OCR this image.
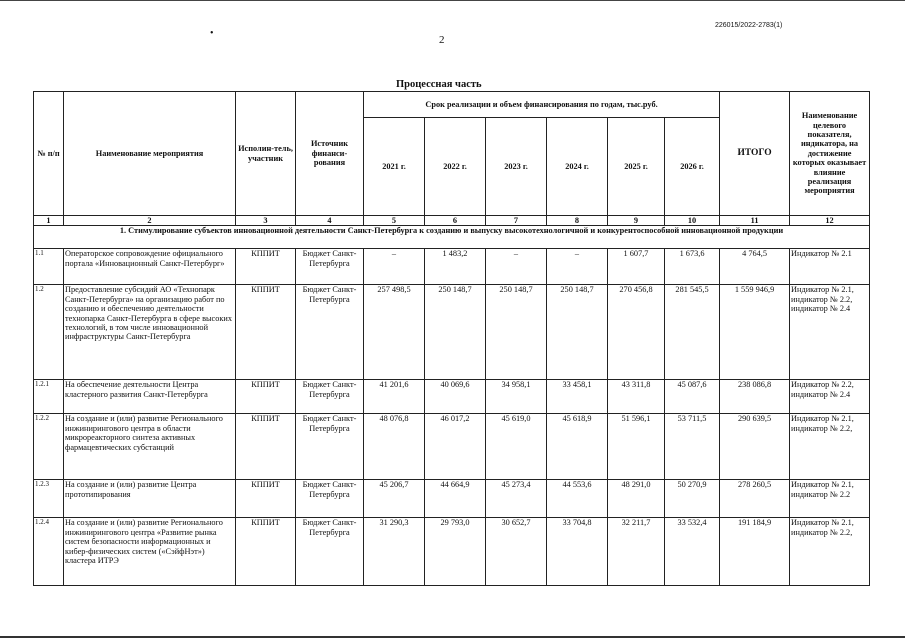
•
226015/2022-2783(1)
2
Процессная часть
№ п/п	Наименование мероприятия	Исполин-тель, участник	Источник финанси-рования	Срок реализации и объем финансирования по годам, тыс.руб.						ИТОГО	Наименование целевого показателя, индикатора, на достижение которых оказывает влияние реализация мероприятия
				2021 г.	2022 г.	2023 г.	2024 г.	2025 г.	2026 г.		
1	2	3	4	5	6	7	8	9	10	11	12
1. Стимулирование субъектов инновационной деятельности Санкт-Петербурга к созданию и выпуску высокотехнологичной и конкурентоспособной инновационной продукции											
1.1	Операторское сопровождение официального портала «Инновационный Санкт-Петербург»	КППИТ	Бюджет Санкт-Петербурга	–	1 483,2	–	–	1 607,7	1 673,6	4 764,5	Индикатор № 2.1
1.2	Предоставление субсидий АО «Технопарк Санкт-Петербурга» на организацию работ по созданию и обеспечению деятельности технопарка Санкт-Петербурга в сфере высоких технологий, в том числе инновационной инфраструктуры Санкт-Петербурга	КППИТ	Бюджет Санкт-Петербурга	257 498,5	250 148,7	250 148,7	250 148,7	270 456,8	281 545,5	1 559 946,9	Индикатор № 2.1, индикатор № 2.2, индикатор № 2.4
1.2.1	На обеспечение деятельности Центра кластерного развития Санкт-Петербурга	КППИТ	Бюджет Санкт-Петербурга	41 201,6	40 069,6	34 958,1	33 458,1	43 311,8	45 087,6	238 086,8	Индикатор № 2.2, индикатор № 2.4
1.2.2	На создание и (или) развитие Регионального инжинирингового центра в области микрореакторного синтеза активных фармацевтических субстанций	КППИТ	Бюджет Санкт-Петербурга	48 076,8	46 017,2	45 619,0	45 618,9	51 596,1	53 711,5	290 639,5	Индикатор № 2.1, индикатор № 2.2,
1.2.3	На создание и (или) развитие Центра прототипирования	КППИТ	Бюджет Санкт-Петербурга	45 206,7	44 664,9	45 273,4	44 553,6	48 291,0	50 270,9	278 260,5	Индикатор № 2.1, индикатор № 2.2
1.2.4	На создание и (или) развитие Регионального инжинирингового центра «Развитие рынка систем безопасности информационных и кибер-физических систем («СэйфНэт») кластера ИТРЭ	КППИТ	Бюджет Санкт-Петербурга	31 290,3	29 793,0	30 652,7	33 704,8	32 211,7	33 532,4	191 184,9	Индикатор № 2.1, индикатор № 2.2,
